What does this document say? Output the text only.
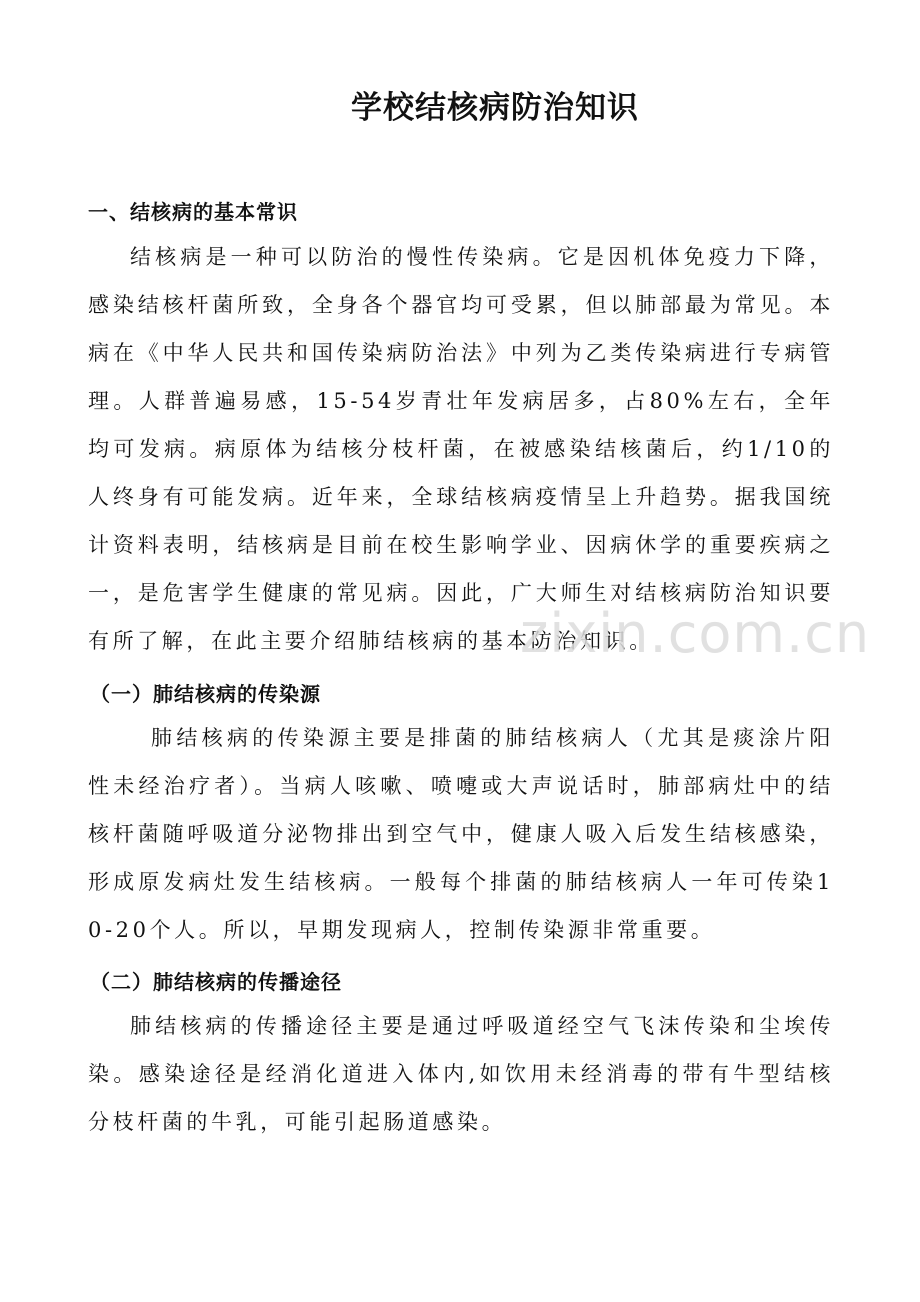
学校结核病防治知识
一、结核病的基本常识

结核病是一种可以防治的慢性传染病。它是因机体免疫力下降，感染结核杆菌所致，全身各个器官均可受累，但以肺部最为常见。本病在《中华人民共和国传染病防治法》中列为乙类传染病进行专病管理。人群普遍易感，15-54岁青壮年发病居多，占80%左右，全年均可发病。病原体为结核分枝杆菌，在被感染结核菌后，约1/10的人终身有可能发病。近年来，全球结核病疫情呈上升趋势。据我国统计资料表明，结核病是目前在校生影响学业、因病休学的重要疾病之一，是危害学生健康的常见病。因此，广大师生对结核病防治知识要有所了解，在此主要介绍肺结核病的基本防治知识。

（一）肺结核病的传染源

肺结核病的传染源主要是排菌的肺结核病人（尤其是痰涂片阳性未经治疗者）。当病人咳嗽、喷嚏或大声说话时，肺部病灶中的结核杆菌随呼吸道分泌物排出到空气中，健康人吸入后发生结核感染，形成原发病灶发生结核病。一般每个排菌的肺结核病人一年可传染10-20个人。所以，早期发现病人，控制传染源非常重要。

（二）肺结核病的传播途径

肺结核病的传播途径主要是通过呼吸道经空气飞沫传染和尘埃传染。感染途径是经消化道进入体内,如饮用未经消毒的带有牛型结核分枝杆菌的牛乳，可能引起肠道感染。

zixin.com.cn
